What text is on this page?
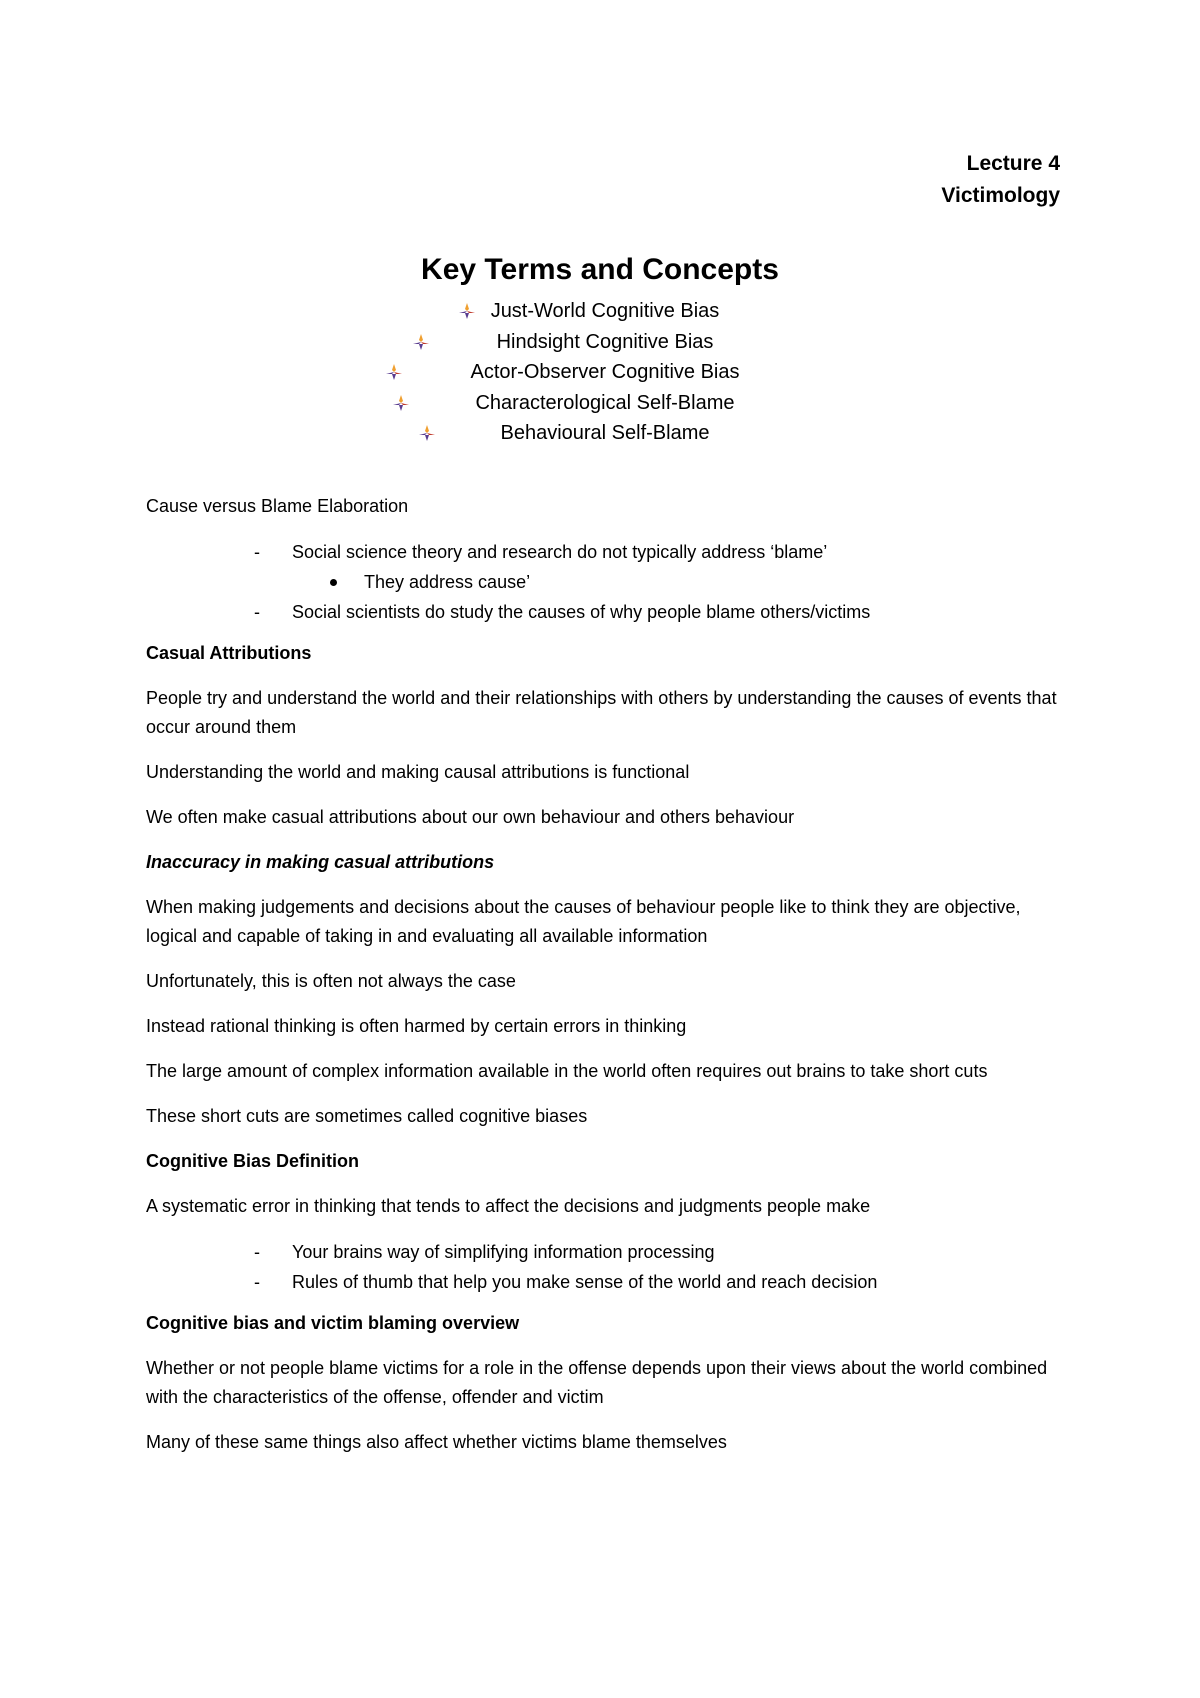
Lecture 4
Victimology
Key Terms and Concepts
Just-World Cognitive Bias
Hindsight Cognitive Bias
Actor-Observer Cognitive Bias
Characterological Self-Blame
Behavioural Self-Blame

Cause versus Blame Elaboration

- Social science theory and research do not typically address ‘blame’
They address cause’
- Social scientists do study the causes of why people blame others/victims

Casual Attributions

People try and understand the world and their relationships with others by understanding the causes of events that occur around them

Understanding the world and making causal attributions is functional

We often make casual attributions about our own behaviour and others behaviour

Inaccuracy in making casual attributions

When making judgements and decisions about the causes of behaviour people like to think they are objective, logical and capable of taking in and evaluating all available information

Unfortunately, this is often not always the case

Instead rational thinking is often harmed by certain errors in thinking

The large amount of complex information available in the world often requires out brains to take short cuts

These short cuts are sometimes called cognitive biases

Cognitive Bias Definition

A systematic error in thinking that tends to affect the decisions and judgments people make

- Your brains way of simplifying information processing
- Rules of thumb that help you make sense of the world and reach decision

Cognitive bias and victim blaming overview

Whether or not people blame victims for a role in the offense depends upon their views about the world combined with the characteristics of the offense, offender and victim

Many of these same things also affect whether victims blame themselves
